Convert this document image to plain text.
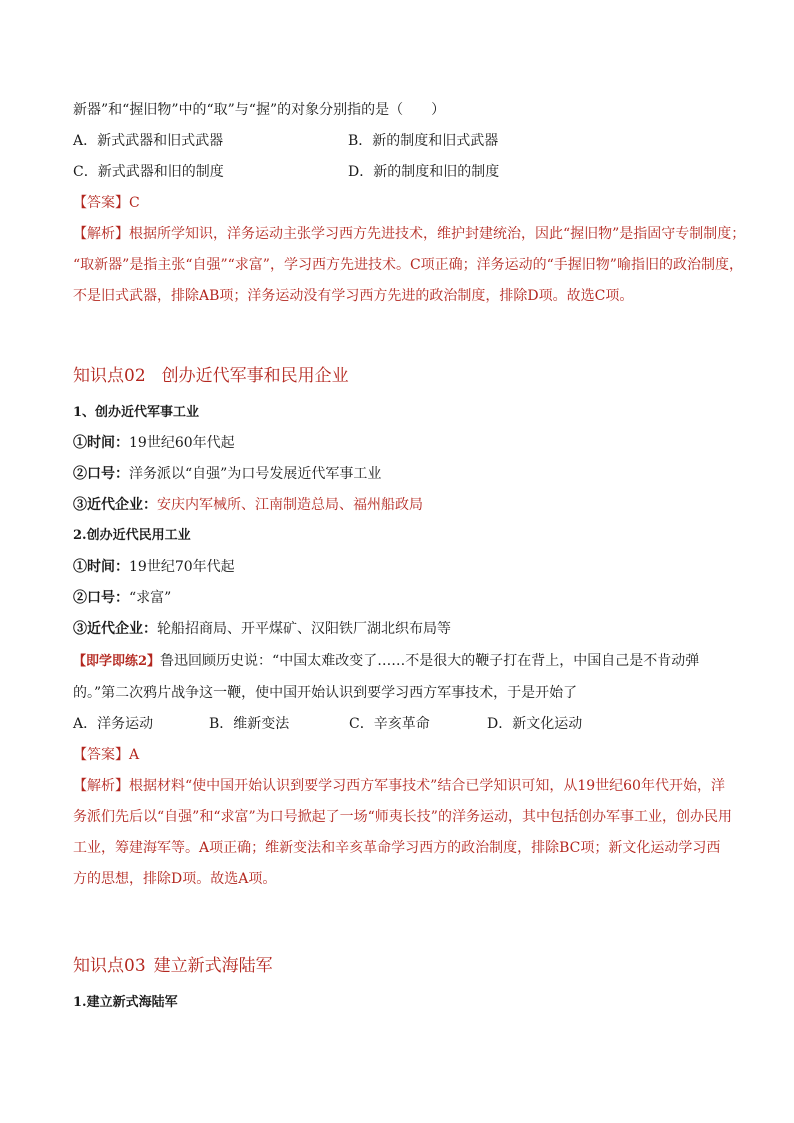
新器”和“握旧物”中的“取”与“握”的对象分别指的是（　　）
A．新式武器和旧式武器	B．新的制度和旧式武器
C．新式武器和旧的制度	D．新的制度和旧的制度
【答案】C
【解析】根据所学知识，洋务运动主张学习西方先进技术，维护封建统治，因此“握旧物”是指固守专制制度；
“取新器”是指主张“自强”“求富”，学习西方先进技术。C项正确；洋务运动的“手握旧物”喻指旧的政治制度，
不是旧式武器，排除AB项；洋务运动没有学习西方先进的政治制度，排除D项。故选C项。
知识点02 创办近代军事和民用企业
1、创办近代军事工业
①时间：19世纪60年代起
②口号：洋务派以“自强”为口号发展近代军事工业
③近代企业：安庆内军械所、江南制造总局、福州船政局
2.创办近代民用工业
①时间：19世纪70年代起
②口号：“求富”
③近代企业：轮船招商局、开平煤矿、汉阳铁厂湖北织布局等
【即学即练2】鲁迅回顾历史说：“中国太难改变了……不是很大的鞭子打在背上，中国自己是不肯动弹
的。”第二次鸦片战争这一鞭，使中国开始认识到要学习西方军事技术，于是开始了
A．洋务运动	B．维新变法	C．辛亥革命	D．新文化运动
【答案】A
【解析】根据材料“使中国开始认识到要学习西方军事技术”结合已学知识可知，从19世纪60年代开始，洋
务派们先后以“自强”和“求富”为口号掀起了一场“师夷长技”的洋务运动，其中包括创办军事工业，创办民用
工业，筹建海军等。A项正确；维新变法和辛亥革命学习西方的政治制度，排除BC项；新文化运动学习西
方的思想，排除D项。故选A项。
知识点03 建立新式海陆军
1.建立新式海陆军
